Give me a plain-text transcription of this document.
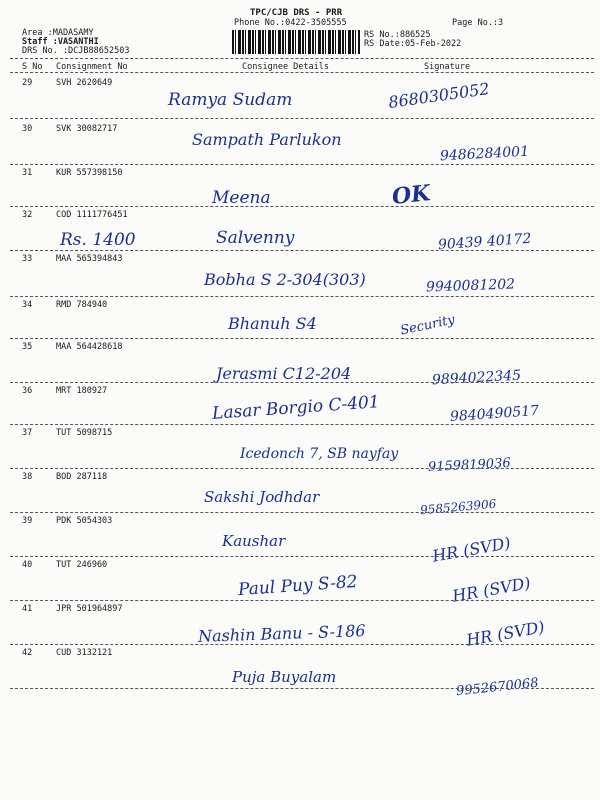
TPC/CJB DRS - PRR
Phone No.:0422-3505555	Page No.:3
Area :MADASAMY
Staff :VASANTHI
DRS No. :DCJB88652503
RS No.:886525
RS Date:05-Feb-2022
S No Consignment No	Consignee Details	Signature
29	SVH 2620649
Ramya Sudam	8680305052
30	SVK 30082717
Sampath Parlukon
9486284001
31	KUR 557398150
Meena	OK
32	COD 1111776451
Rs. 1400	Salvenny	90439 40172
33	MAA 565394843
Bobha S 2-304(303)	9940081202
34	RMD 784940
Bhanuh S4	Security
35	MAA 564428618
Jerasmi C12-204	9894022345
36	MRT 180927
Lasar Borgio C-401	9840490517
37	TUT 5098715
Icedonch 7, SB nayfay
9159819036
38	BOD 287118
Sakshi Jodhdar	9585263906
39	PDK 5054303
Kaushar	HR (SVD)
40	TUT 246960
Paul Puy S-82	HR (SVD)
41	JPR 501964897
Nashin Banu - S-186	HR (SVD)
42	CUD 3132121
Puja Buyalam	9952670068
